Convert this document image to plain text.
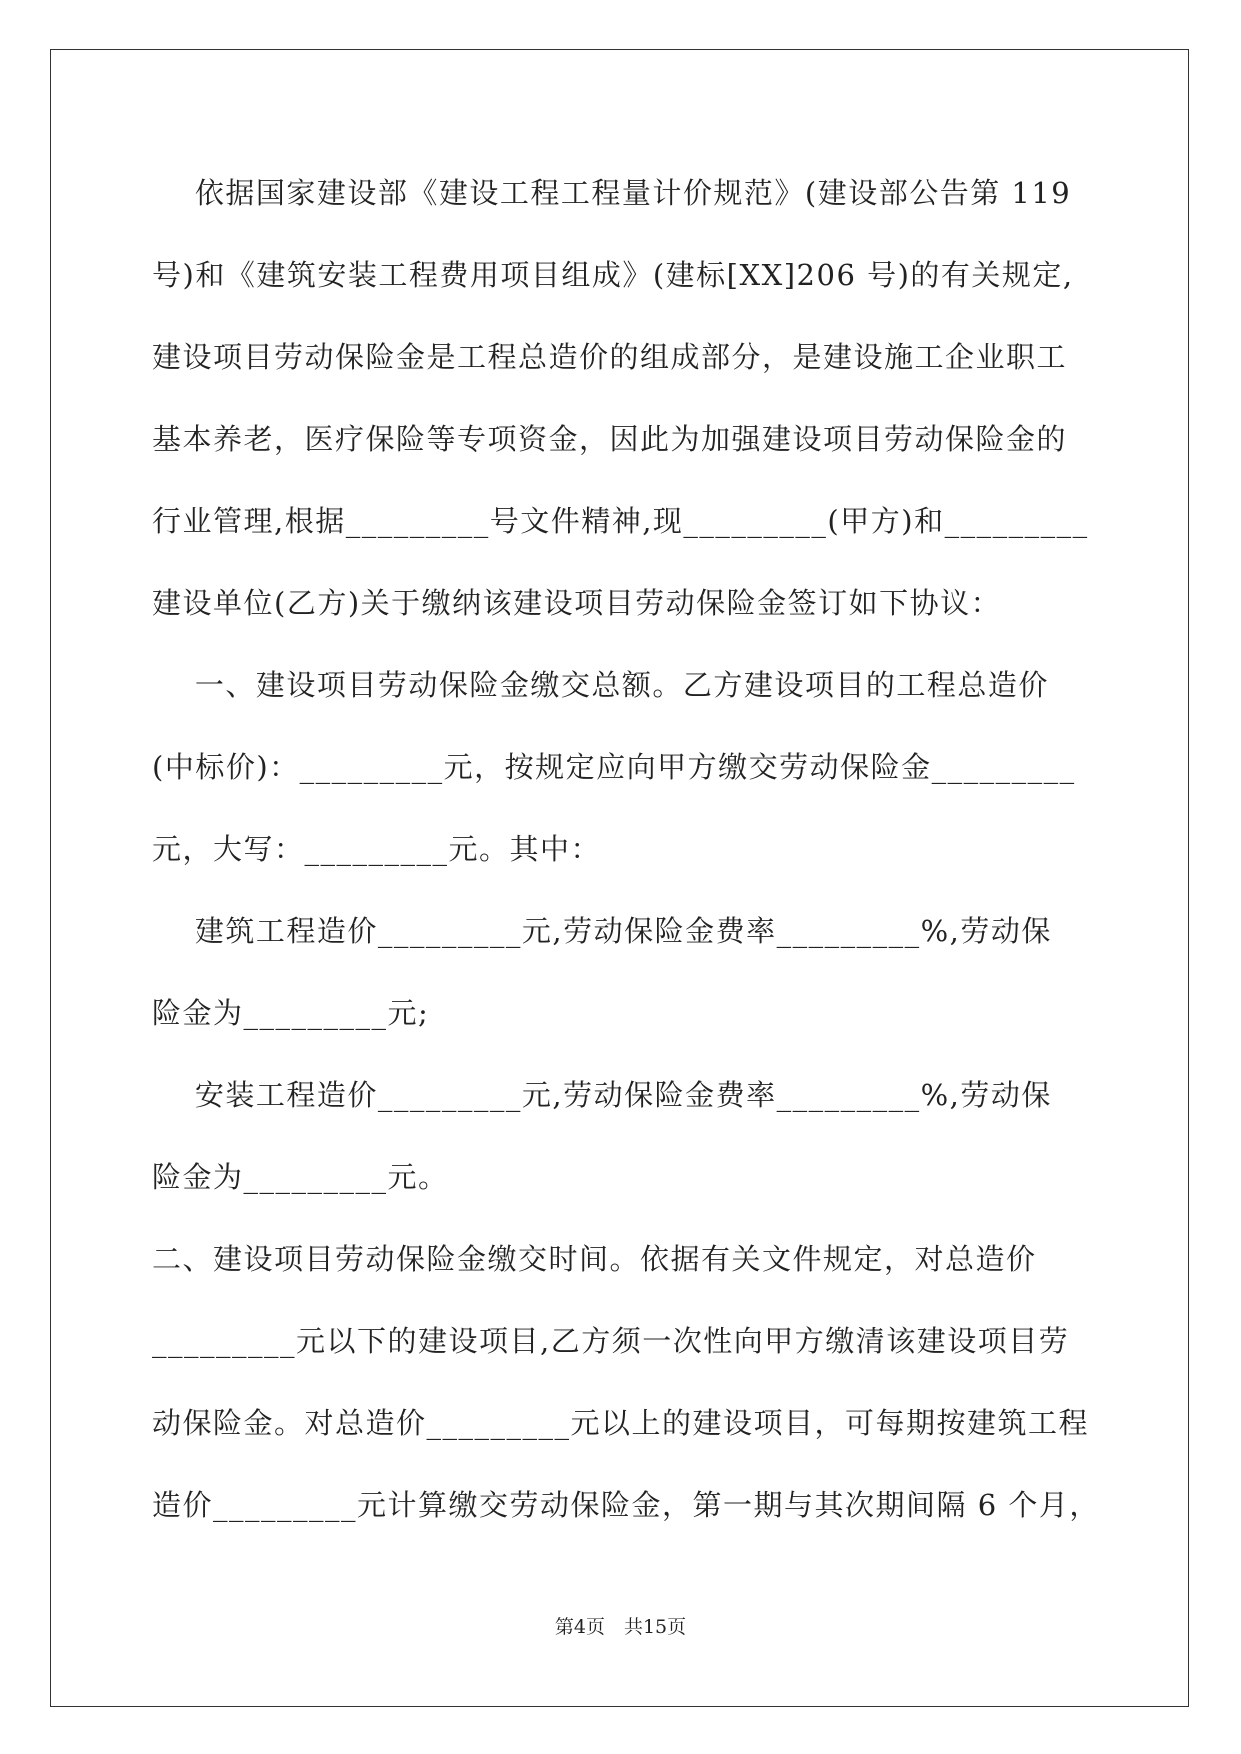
依据国家建设部《建设工程工程量计价规范》(建设部公告第 119
号)和《建筑安装工程费用项目组成》(建标[XX]206 号)的有关规定,
建设项目劳动保险金是工程总造价的组成部分，是建设施工企业职工
基本养老，医疗保险等专项资金，因此为加强建设项目劳动保险金的
行业管理,根据_________号文件精神,现_________(甲方)和_________
建设单位(乙方)关于缴纳该建设项目劳动保险金签订如下协议：
一、建设项目劳动保险金缴交总额。乙方建设项目的工程总造价
(中标价)：_________元，按规定应向甲方缴交劳动保险金_________
元，大写：_________元。其中：
建筑工程造价_________元,劳动保险金费率_________%,劳动保
险金为_________元;
安装工程造价_________元,劳动保险金费率_________%,劳动保
险金为_________元。
二、建设项目劳动保险金缴交时间。依据有关文件规定，对总造价
_________元以下的建设项目,乙方须一次性向甲方缴清该建设项目劳
动保险金。对总造价_________元以上的建设项目，可每期按建筑工程
造价_________元计算缴交劳动保险金，第一期与其次期间隔 6 个月，
第4页　共15页
